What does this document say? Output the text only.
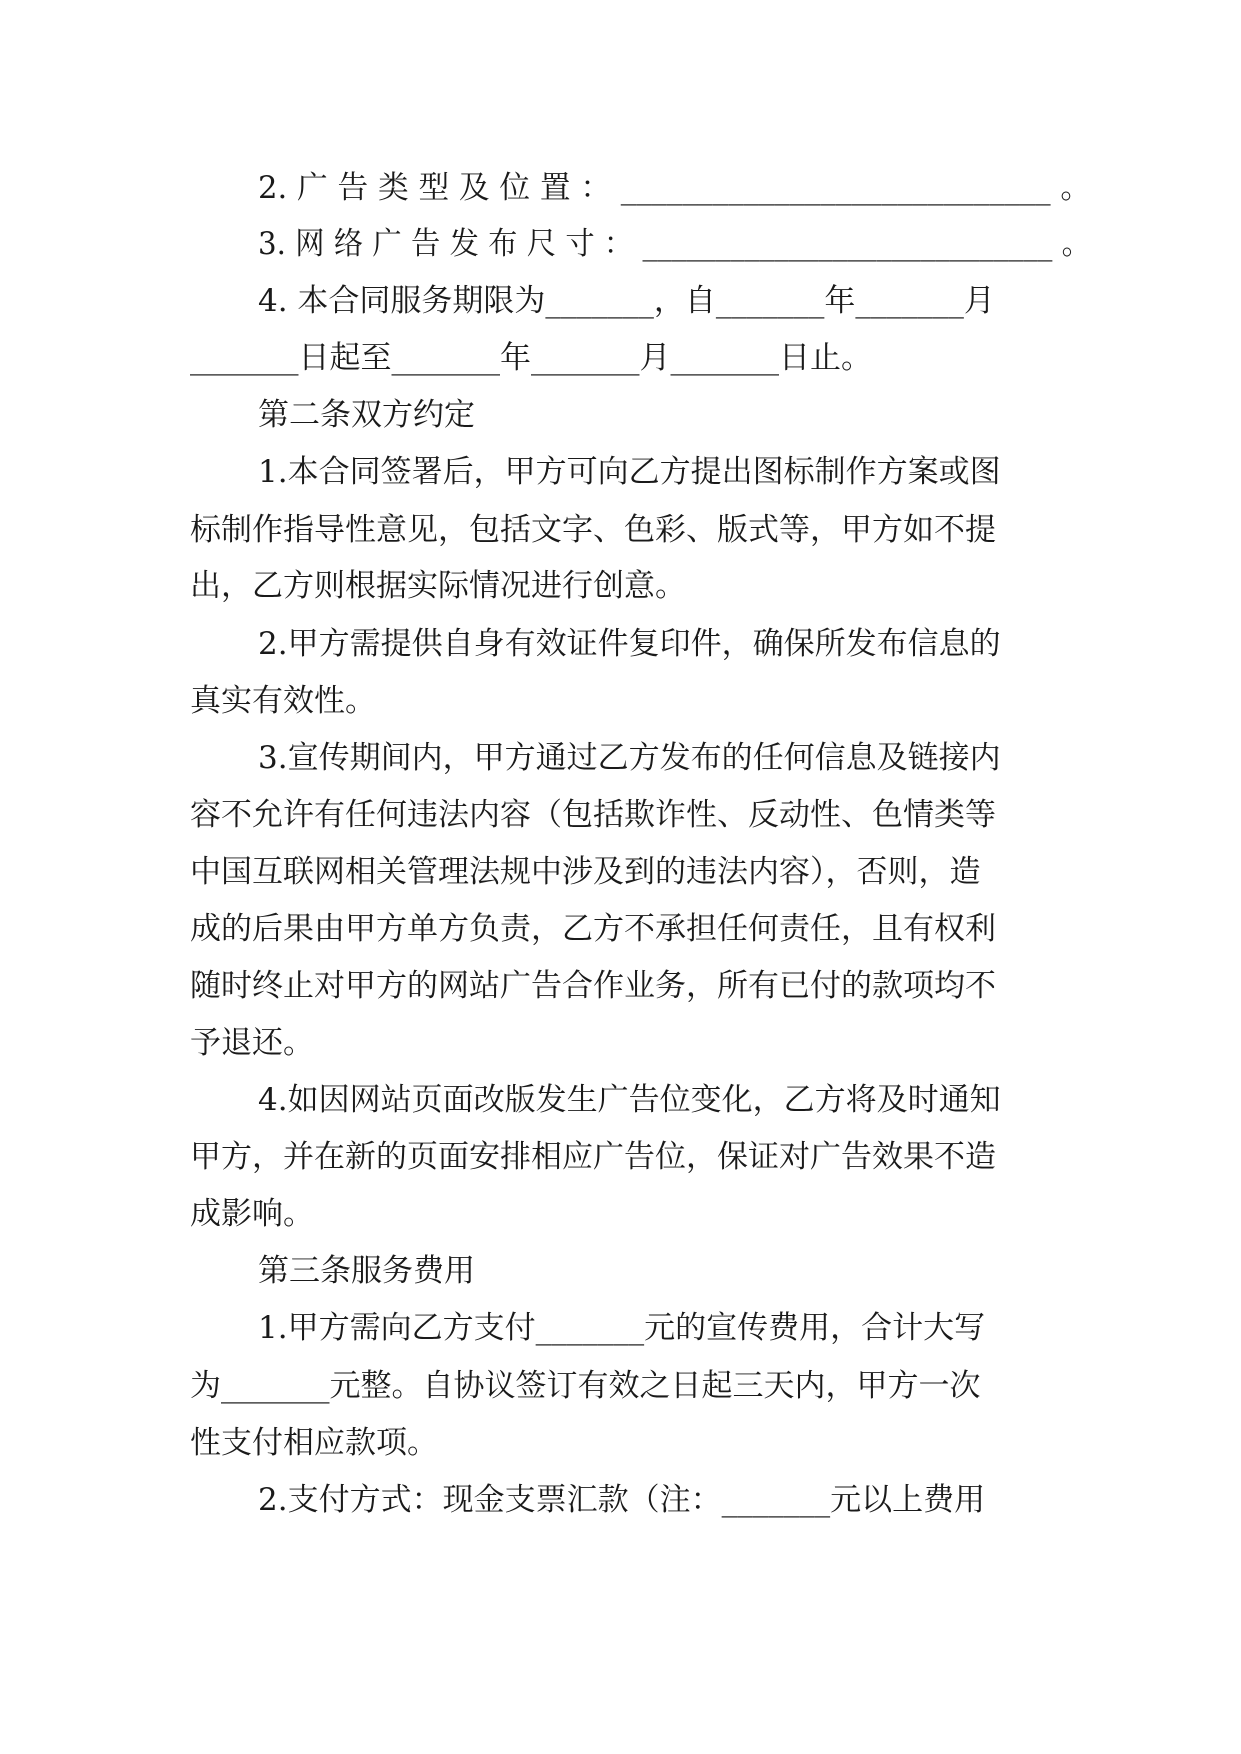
2. 广 告 类 型 及 位 置 ： ____________________________ 。
3. 网 络 广 告 发 布 尺 寸 ： ____________________________ 。
4. 本合同服务期限为_______，自_______年_______月
_______日起至_______年_______月_______日止。
第二条双方约定
1.本合同签署后，甲方可向乙方提出图标制作方案或图
标制作指导性意见，包括文字、色彩、版式等，甲方如不提
出，乙方则根据实际情况进行创意。
2.甲方需提供自身有效证件复印件，确保所发布信息的
真实有效性。
3.宣传期间内，甲方通过乙方发布的任何信息及链接内
容不允许有任何违法内容（包括欺诈性、反动性、色情类等
中国互联网相关管理法规中涉及到的违法内容），否则，造
成的后果由甲方单方负责，乙方不承担任何责任，且有权利
随时终止对甲方的网站广告合作业务，所有已付的款项均不
予退还。
4.如因网站页面改版发生广告位变化，乙方将及时通知
甲方，并在新的页面安排相应广告位，保证对广告效果不造
成影响。
第三条服务费用
1.甲方需向乙方支付_______元的宣传费用，合计大写
为_______元整。自协议签订有效之日起三天内，甲方一次
性支付相应款项。
2.支付方式：现金支票汇款（注：_______元以上费用
